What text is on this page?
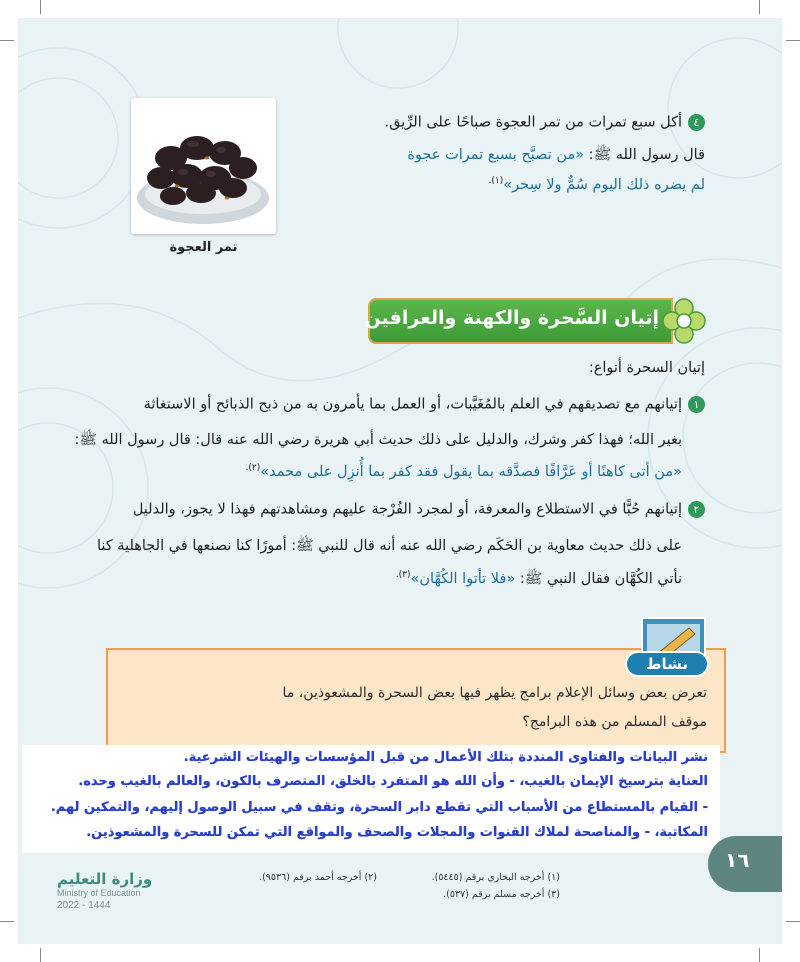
٤أكل سبع تمرات من تمر العجوة صباحًا على الرِّيق.
قال رسول الله ﷺ: «من تصبَّح بسبع تمرات عجوة
لم يضره ذلك اليوم سُمٌّ ولا سِحر»$^{(١).}$
تمر العجوة
إتيان السَّحرة والكهنة والعرافين
إتيان السحرة أنواع:
١إتيانهم مع تصديقهم في العلم بالمُغَيَّبات، أو العمل بما يأمرون به من ذبح الذبائح أو الاستغاثة
بغير الله؛ فهذا كفر وشرك، والدليل على ذلك حديث أبي هريرة رضي الله عنه قال: قال رسول الله ﷺ:
«من أتى كاهنًا أو عَرَّافًا فصدَّقه بما يقول فقد كفر بما أُنزِل على محمد»$^{(٢).}$
٢إتيانهم حُبًّا في الاستطلاع والمعرفة، أو لمجرد الفُرْجة عليهم ومشاهدتهم فهذا لا يجوز، والدليل
على ذلك حديث معاوية بن الحَكَم رضي الله عنه أنه قال للنبي ﷺ: أمورًا كنا نصنعها في الجاهلية كنا
نأتي الكُهَّان فقال النبي ﷺ: «فلا تأتوا الكُهَّان»$^{(٣).}$
تعرض بعض وسائل الإعلام برامج يظهر فيها بعض السحرة والمشعوذين، ما
موقف المسلم من هذه البرامج؟
نشاط
نشر البيانات والفتاوى المنددة بتلك الأعمال من قبل المؤسسات والهيئات الشرعية.
العناية بترسيخ الإيمان بالغيب، - وأن الله هو المتفرد بالخلق، المتصرف بالكون، والعالم بالغيب وحده.
- القيام بالمستطاع من الأسباب التي تقطع دابر السحرة، وتقف في سبيل الوصول إليهم، والتمكين لهم.
المكاتبة، - والمناصحة لملاك القنوات والمجلات والصحف والمواقع التي تمكن للسحرة والمشعوذين.
١٦
(١) أخرجه البخاري برقم (٥٤٤٥).
(٢) أخرجه أحمد برقم (٩٥٣٦).
(٣) أخرجه مسلم برقم (٥٣٧).
وزارة التعليم
Ministry of Education
2022 - 1444
